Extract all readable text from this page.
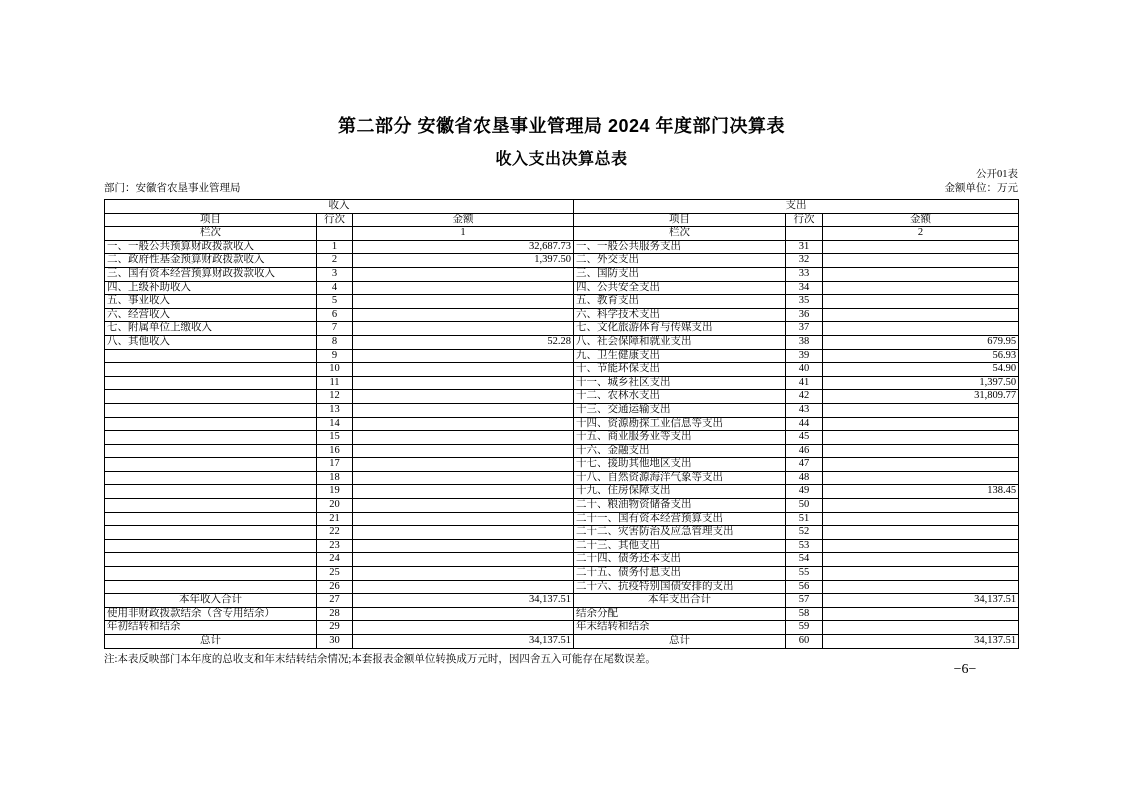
第二部分 安徽省农垦事业管理局 2024 年度部门决算表
收入支出决算总表
公开01表
部门：安徽省农垦事业管理局	金额单位：万元
收入			支出		
项目	行次	金额	项目	行次	金额
栏次		1	栏次		2
一、一般公共预算财政拨款收入	1	32,687.73	一、一般公共服务支出	31	
二、政府性基金预算财政拨款收入	2	1,397.50	二、外交支出	32	
三、国有资本经营预算财政拨款收入	3		三、国防支出	33	
四、上级补助收入	4		四、公共安全支出	34	
五、事业收入	5		五、教育支出	35	
六、经营收入	6		六、科学技术支出	36	
七、附属单位上缴收入	7		七、文化旅游体育与传媒支出	37	
八、其他收入	8	52.28	八、社会保障和就业支出	38	679.95
	9		九、卫生健康支出	39	56.93
	10		十、节能环保支出	40	54.90
	11		十一、城乡社区支出	41	1,397.50
	12		十二、农林水支出	42	31,809.77
	13		十三、交通运输支出	43	
	14		十四、资源勘探工业信息等支出	44	
	15		十五、商业服务业等支出	45	
	16		十六、金融支出	46	
	17		十七、援助其他地区支出	47	
	18		十八、自然资源海洋气象等支出	48	
	19		十九、住房保障支出	49	138.45
	20		二十、粮油物资储备支出	50	
	21		二十一、国有资本经营预算支出	51	
	22		二十二、灾害防治及应急管理支出	52	
	23		二十三、其他支出	53	
	24		二十四、债务还本支出	54	
	25		二十五、债务付息支出	55	
	26		二十六、抗疫特别国债安排的支出	56	
本年收入合计	27	34,137.51	本年支出合计	57	34,137.51
使用非财政拨款结余（含专用结余）	28		结余分配	58	
年初结转和结余	29		年末结转和结余	59	
总计	30	34,137.51	总计	60	34,137.51
注:本表反映部门本年度的总收支和年末结转结余情况;本套报表金额单位转换成万元时，因四舍五入可能存在尾数误差。
−6−
